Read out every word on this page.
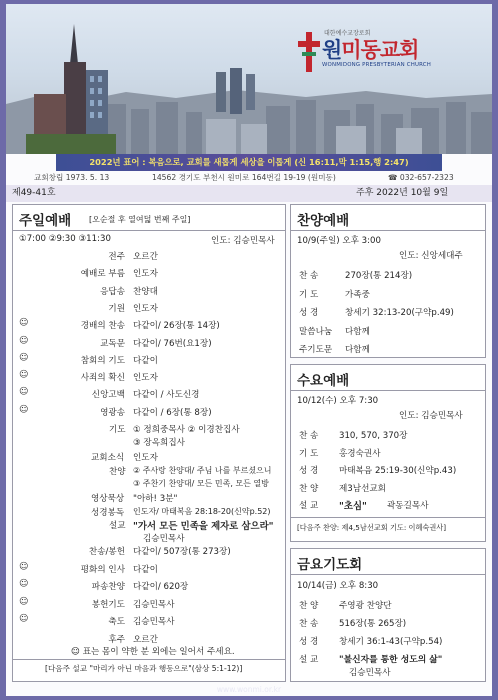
대한예수교장로회
원미동교회
WONMIDONG PRESBYTERIAN CHURCH
2022년 표어 : 복음으로, 교회를 새롭게 세상을 이롭게 (신 16:11,막 1:15,행 2:47)
교회창립 1973. 5. 13	14562 경기도 부천시 원미로 164번길 19-19 (원미동)	☎ 032-657-2323
제49-41호	주후 2022년 10월 9일
주일예배 [오순절 후 열여덟 번째 주일]
①7:00 ②9:30 ③11:30	인도: 김승민목사
전주 오르간
예배로 부름 인도자
응답송 찬양대
기원 인도자
☺	경배의 찬송 다같이/ 26장(통 14장)
☺	교독문 다같이/ 76번(요1장)
☺	참회의 기도 다같이
☺	사죄의 확신 인도자
☺	신앙고백 다같이 / 사도신경
☺	영광송 다같이 / 6장(통 8장)
기도 ① 정희중목사 ② 이경찬집사
③ 장옥희집사
교회소식 인도자
찬양 ② 주사랑 찬양대/ 주님 나를 부르셨으니
③ 주찬기 찬양대/ 모든 민족, 모든 열방
영상묵상 "아하! 3분"
성경봉독 인도자/ 마태복음 28:18-20(신약p.52)
설교 "가서 모든 민족을 제자로 삼으라"
김승민목사
찬송/봉헌 다같이/ 507장(통 273장)
☺	평화의 인사 다같이
☺	파송찬양 다같이/ 620장
☺	봉헌기도 김승민목사
☺	축도 김승민목사
후주 오르간
☺ 표는 몸이 약한 분 외에는 일어서 주세요.
[다음주 설교 "마리가 아닌 마음과 행동으로"(삼상 5:1-12)]
찬양예배
10/9(주일) 오후 3:00
인도: 신앙세대주
찬 송	270장(통 214장)
기 도	가족중
성 경	창세기 32:13-20(구약p.49)
말씀나눔 다함께
주기도문 다함께
수요예배
10/12(수) 오후 7:30
인도: 김승민목사
찬 송 310, 570, 370장
기 도 홍경숙권사
성 경 마태복음 25:19-30(신약p.43)
찬 양 제3남선교회
설 교 "초심" 곽동길목사
[다음주 찬양: 제4,5남선교회 기도: 이혜숙권사]
금요기도회
10/14(금) 오후 8:30
찬 양 주영광 찬양단
찬 송 516장(통 265장)
성 경 창세기 36:1-43(구약p.54)
설 교 "불신자를 통한 성도의 삶"
김승민목사
www.wonmi.or.kr
